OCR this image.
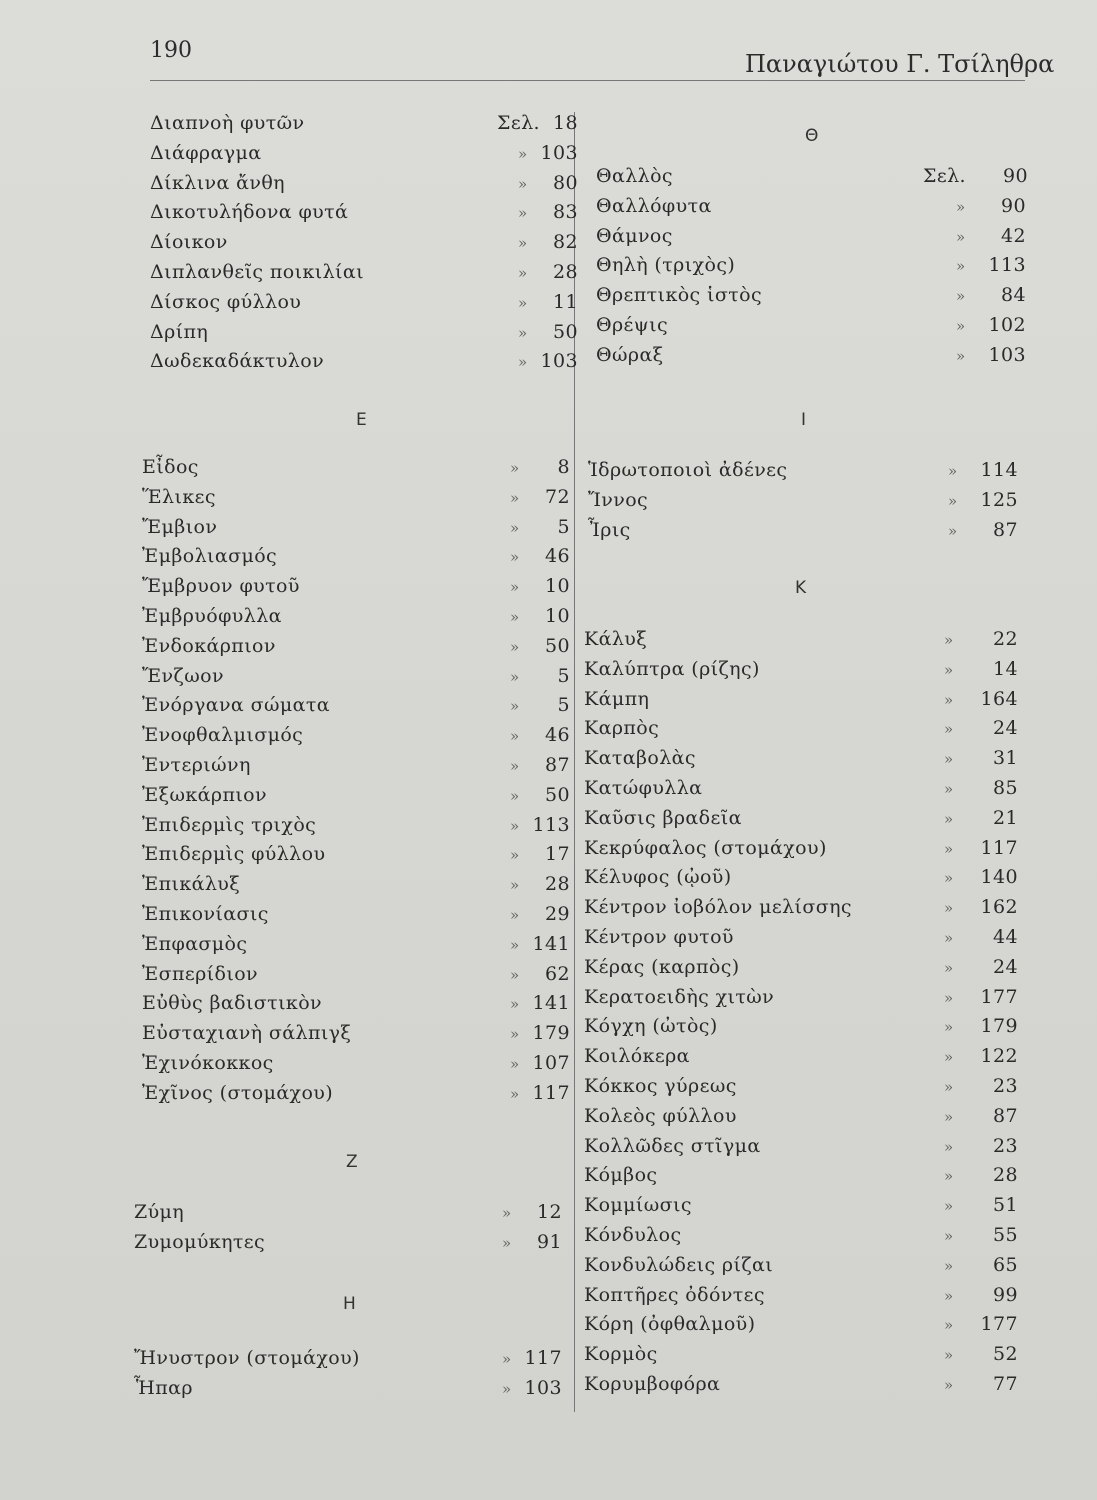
190	Παναγιώτου Γ. Τσίληθρα
Διαπνοὴ φυτῶν	Σελ. 18
Διάφραγμα	» 103
Δίκλινα ἄνθη	»	80
Δικοτυλήδονα φυτά	»	83
Δίοικον	»	82
Διπλανθεῖς ποικιλίαι	»	28
Δίσκος φύλλου	»	11
Δρίπη	»	50
Δωδεκαδάκτυλον	» 103
E
Εἶδος	»	8
Ἕλικες	»	72
Ἔμβιον	»	5
Ἐμβολιασμός	»	46
Ἔμβρυον φυτοῦ	»	10
Ἐμβρυόφυλλα	»	10
Ἐνδοκάρπιον	»	50
Ἔνζωον	»	5
Ἐνόργανα σώματα	»	5
Ἐνοφθαλμισμός	»	46
Ἐντεριώνη	»	87
Ἐξωκάρπιον	»	50
Ἐπιδερμὶς τριχὸς	» 113
Ἐπιδερμὶς φύλλου	»	17
Ἐπικάλυξ	»	28
Ἐπικονίασις	»	29
Ἐπφασμὸς	» 141
Ἐσπερίδιον	»	62
Εὐθὺς βαδιστικὸν	» 141
Εὐσταχιανὴ σάλπιγξ	» 179
Ἐχινόκοκκος	» 107
Ἐχῖνος (στομάχου)	» 117
Z
Ζύμη	»	12
Ζυμομύκητες	»	91
H
Ἤνυστρον (στομάχου)	» 117
Ἧπαρ	» 103
Θ
Θαλλὸς	Σελ.	90
Θαλλόφυτα	»	90
Θάμνος	»	42
Θηλὴ (τριχὸς)	»	113
Θρεπτικὸς ἱστὸς	»	84
Θρέψις	»	102
Θώραξ	»	103
I
Ἱδρωτοποιοὶ ἀδένες	»	114
Ἴννος	»	125
Ἶρις	»	87
K
Κάλυξ	»	22
Καλύπτρα (ρίζης)	»	14
Κάμπη	»	164
Καρπὸς	»	24
Καταβολὰς	»	31
Κατώφυλλα	»	85
Καῦσις βραδεῖα	»	21
Κεκρύφαλος (στομάχου)	»	117
Κέλυφος (ᾠοῦ)	»	140
Κέντρον ἰοβόλον μελίσσης	»	162
Κέντρον φυτοῦ	»	44
Κέρας (καρπὸς)	»	24
Κερατοειδὴς χιτὼν	»	177
Κόγχη (ὠτὸς)	»	179
Κοιλόκερα	»	122
Κόκκος γύρεως	»	23
Κολεὸς φύλλου	»	87
Κολλῶδες στῖγμα	»	23
Κόμβος	»	28
Κομμίωσις	»	51
Κόνδυλος	»	55
Κονδυλώδεις ρίζαι	»	65
Κοπτῆρες ὀδόντες	»	99
Κόρη (ὀφθαλμοῦ)	»	177
Κορμὸς	»	52
Κορυμβοφόρα	»	77
